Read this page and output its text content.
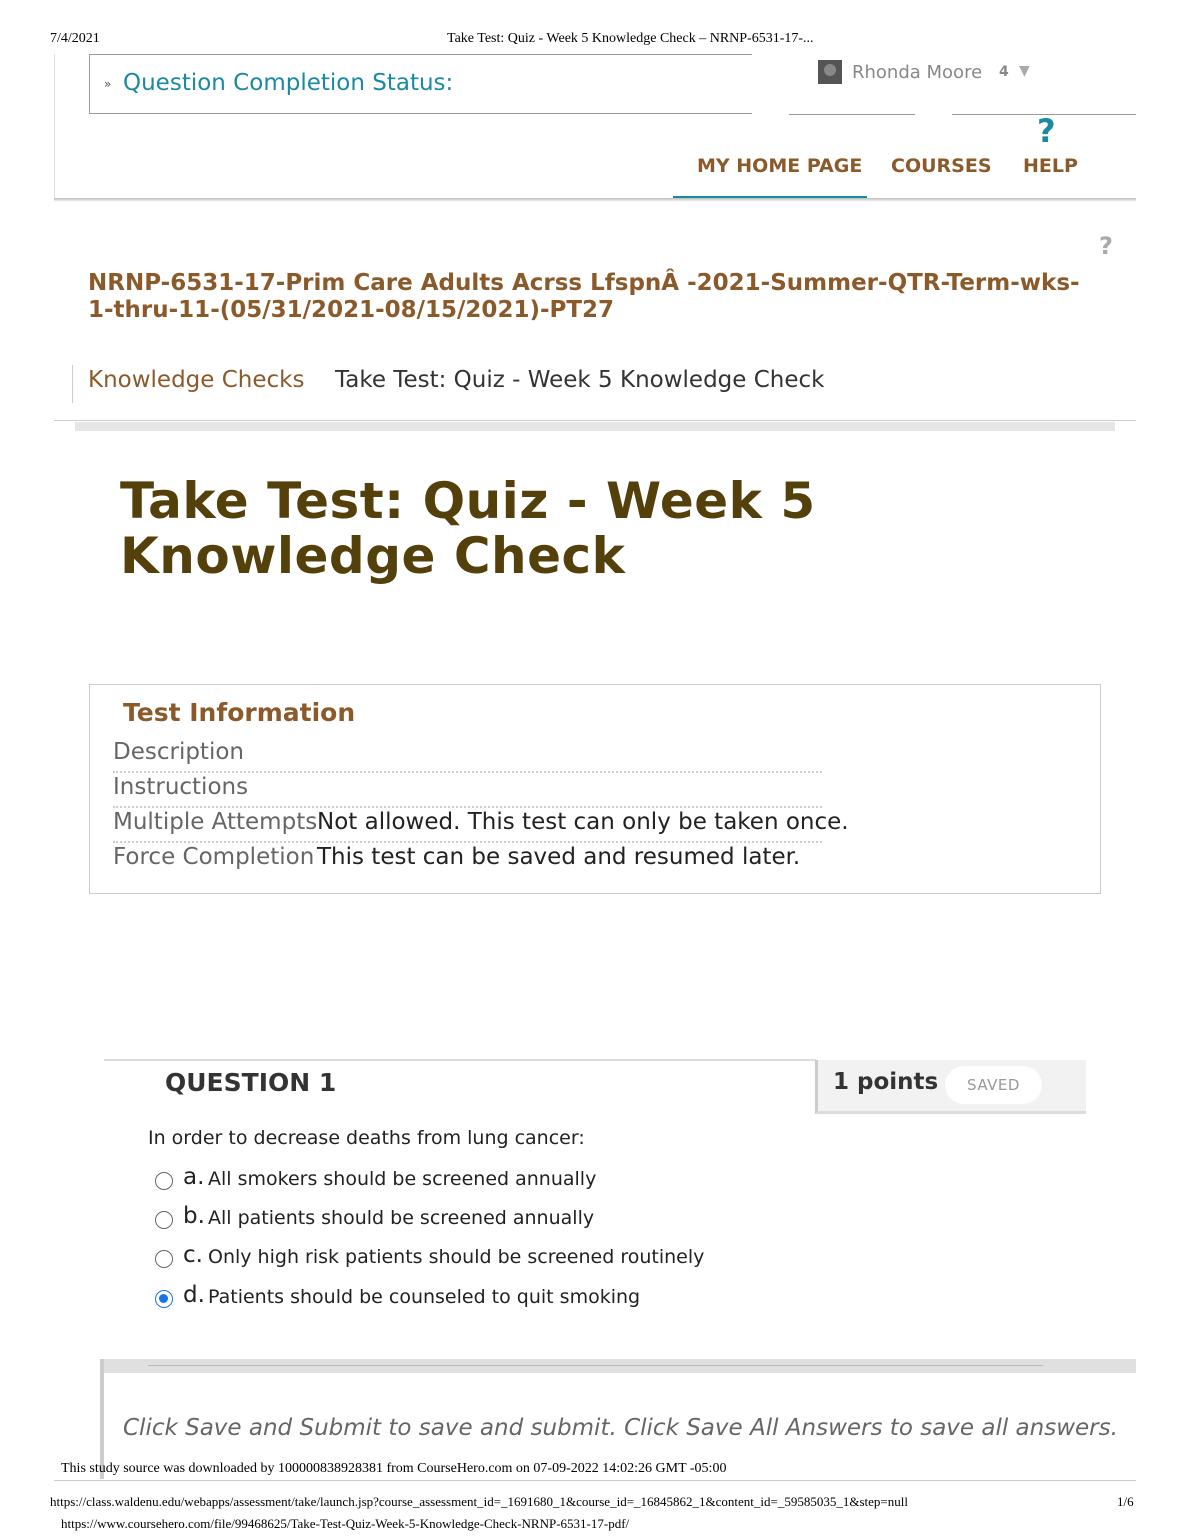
7/4/2021	Take Test: Quiz - Week 5 Knowledge Check – NRNP-6531-17-...
» Question Completion Status:	Rhonda Moore 4 ▼
?
MY HOME PAGE COURSES HELP
?
NRNP-6531-17-Prim Care Adults Acrss LfspnÂ -2021-Summer-QTR-Term-wks-1-thru-11-(05/31/2021-08/15/2021)-PT27
Knowledge Checks Take Test: Quiz - Week 5 Knowledge Check
Take Test: Quiz - Week 5
Knowledge Check
Test Information
Description
Instructions
Multiple Attempts Not allowed. This test can only be taken once.
Force Completion This test can be saved and resumed later.
QUESTION 1	1 points	SAVED
In order to decrease deaths from lung cancer:
a. All smokers should be screened annually
b. All patients should be screened annually
c. Only high risk patients should be screened routinely
d. Patients should be counseled to quit smoking
Click Save and Submit to save and submit. Click Save All Answers to save all answers.
This study source was downloaded by 100000838928381 from CourseHero.com on 07-09-2022 14:02:26 GMT -05:00
https://class.waldenu.edu/webapps/assessment/take/launch.jsp?course_assessment_id=_1691680_1&course_id=_16845862_1&content_id=_59585035_1&step=null	1/6
https://www.coursehero.com/file/99468625/Take-Test-Quiz-Week-5-Knowledge-Check-NRNP-6531-17-pdf/
